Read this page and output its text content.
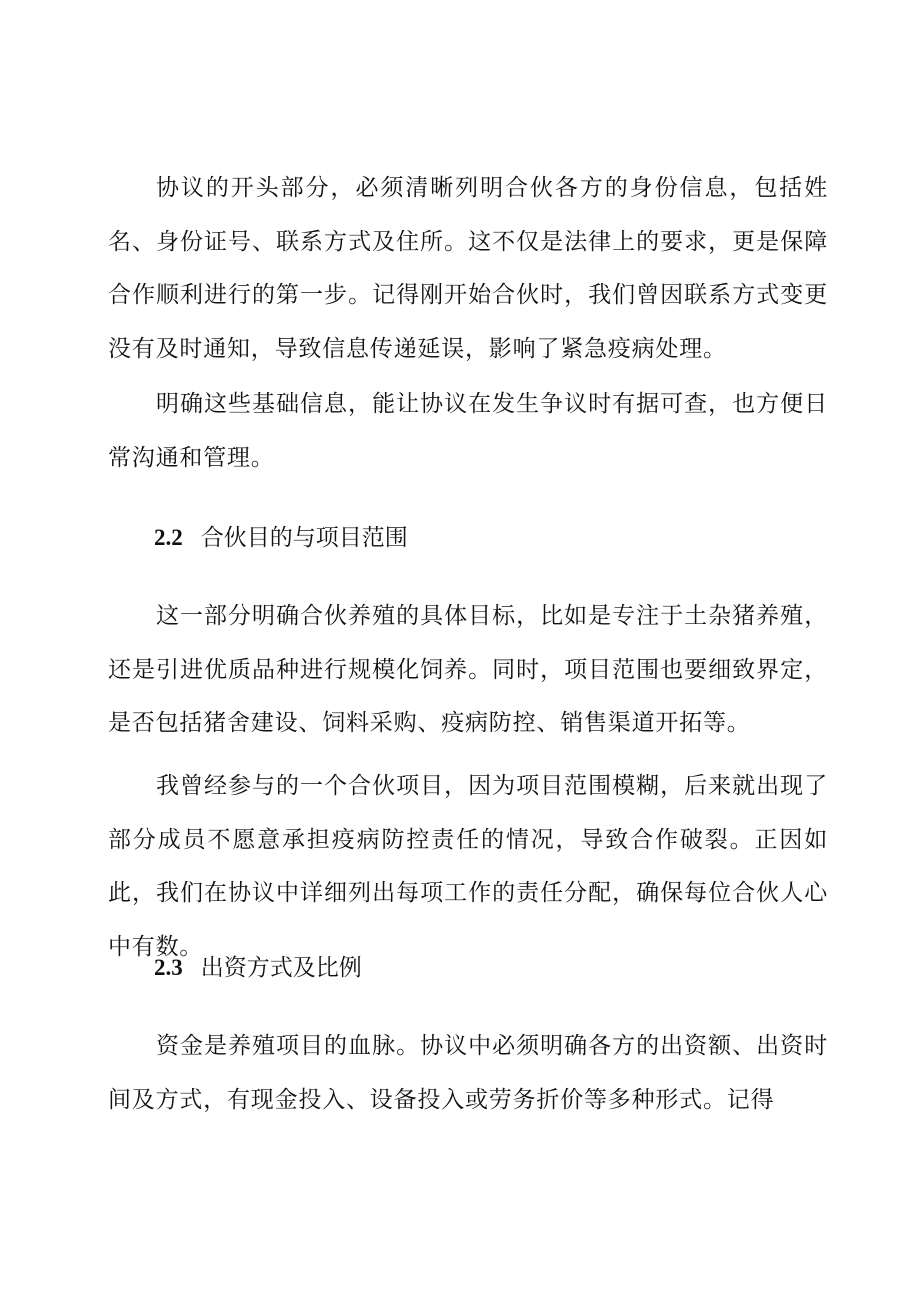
协议的开头部分，必须清晰列明合伙各方的身份信息，包括姓名、身份证号、联系方式及住所。这不仅是法律上的要求，更是保障合作顺利进行的第一步。记得刚开始合伙时，我们曾因联系方式变更没有及时通知，导致信息传递延误，影响了紧急疫病处理。

明确这些基础信息，能让协议在发生争议时有据可查，也方便日常沟通和管理。

2.2 合伙目的与项目范围

这一部分明确合伙养殖的具体目标，比如是专注于土杂猪养殖，还是引进优质品种进行规模化饲养。同时，项目范围也要细致界定，是否包括猪舍建设、饲料采购、疫病防控、销售渠道开拓等。

我曾经参与的一个合伙项目，因为项目范围模糊，后来就出现了部分成员不愿意承担疫病防控责任的情况，导致合作破裂。正因如此，我们在协议中详细列出每项工作的责任分配，确保每位合伙人心中有数。

2.3 出资方式及比例

资金是养殖项目的血脉。协议中必须明确各方的出资额、出资时间及方式，有现金投入、设备投入或劳务折价等多种形式。记得
